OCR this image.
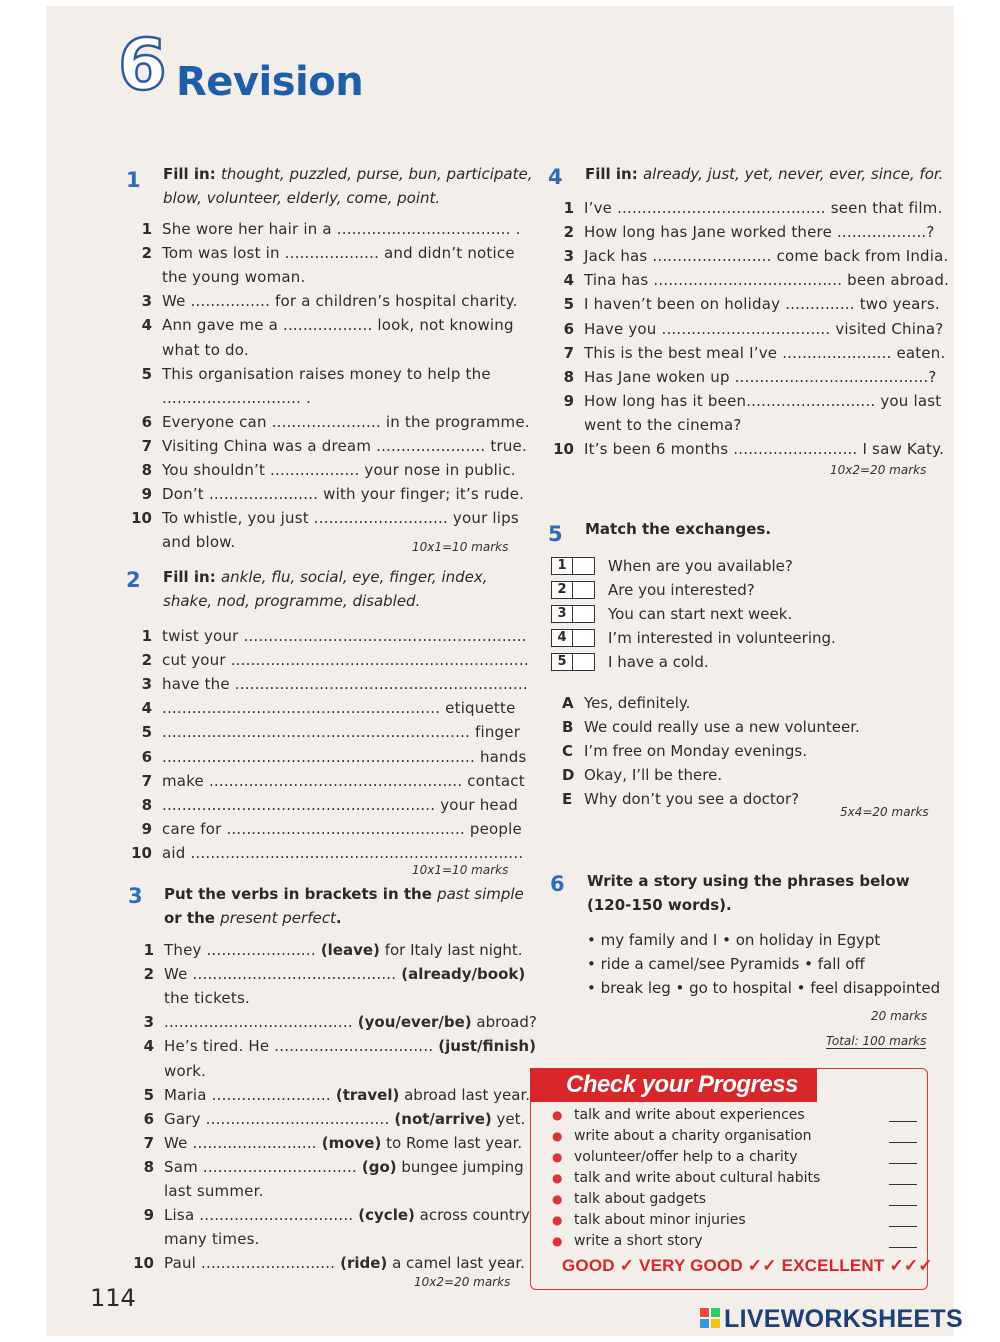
6 Revision
1 Fill in: thought, puzzled, purse, bun, participate,
blow, volunteer, elderly, come, point.
1 She wore her hair in a ................................... .
2 Tom was lost in ................... and didn’t notice
the young woman.
3 We ................ for a children’s hospital charity.
4 Ann gave me a .................. look, not knowing
what to do.
5 This organisation raises money to help the
............................ .
6 Everyone can ...................... in the programme.
7 Visiting China was a dream ...................... true.
8 You shouldn’t .................. your nose in public.
9 Don’t ...................... with your finger; it’s rude.
10 To whistle, you just ........................... your lips
and blow.	10x1=10 marks
2 Fill in: ankle, flu, social, eye, finger, index,
shake, nod, programme, disabled.
1 twist your .........................................................
2 cut your ............................................................
3 have the ...........................................................
4 ........................................................ etiquette
5 .............................................................. finger
6 ............................................................... hands
7 make ................................................... contact
8 ....................................................... your head
9 care for ................................................ people
10 aid ...................................................................
10x1=10 marks
3 Put the verbs in brackets in the past simple
or the present perfect.
1 They ...................... (leave) for Italy last night.
2 We ......................................... (already/book)
the tickets.
3 ...................................... (you/ever/be) abroad?
4 He’s tired. He ................................ (just/finish)
work.
5 Maria ........................ (travel) abroad last year.
6 Gary ..................................... (not/arrive) yet.
7 We ......................... (move) to Rome last year.
8 Sam ............................... (go) bungee jumping
last summer.
9 Lisa ............................... (cycle) across country
many times.
10 Paul ........................... (ride) a camel last year.
10x2=20 marks
4 Fill in: already, just, yet, never, ever, since, for.
1 I’ve .......................................... seen that film.
2 How long has Jane worked there ..................?
3 Jack has ........................ come back from India.
4 Tina has ...................................... been abroad.
5 I haven’t been on holiday .............. two years.
6 Have you .................................. visited China?
7 This is the best meal I’ve ...................... eaten.
8 Has Jane woken up .......................................?
9 How long has it been.......................... you last
went to the cinema?
10 It’s been 6 months ......................... I saw Katy.
10x2=20 marks
5 Match the exchanges.
1	When are you available?
2	Are you interested?
3	You can start next week.
4	I’m interested in volunteering.
5	I have a cold.
A Yes, definitely.
B We could really use a new volunteer.
C I’m free on Monday evenings.
D Okay, I’ll be there.
E Why don’t you see a doctor?
5x4=20 marks
6 Write a story using the phrases below
(120-150 words).
• my family and I • on holiday in Egypt
• ride a camel/see Pyramids • fall off
• break leg • go to hospital • feel disappointed
20 marks
Total: 100 marks
Check your Progress
● talk and write about experiences
● write about a charity organisation
● volunteer/offer help to a charity
● talk and write about cultural habits
● talk about gadgets
● talk about minor injuries
● write a short story
GOOD ✓ VERY GOOD ✓✓ EXCELLENT ✓✓✓
114
LIVEWORKSHEETS
